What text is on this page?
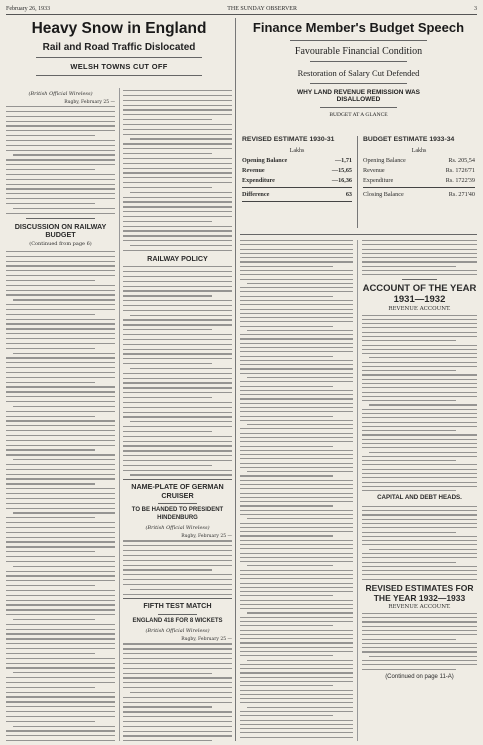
February 26, 1933	THE SUNDAY OBSERVER	3
Heavy Snow in England
Rail and Road Traffic Dislocated
WELSH TOWNS CUT OFF
(British Official Wireless)
Rugby, February 25 —
DISCUSSION ON RAILWAY BUDGET
(Continued from page 6)
RAILWAY POLICY
NAME-PLATE OF GERMAN CRUISER
TO BE HANDED TO PRESIDENT HINDENBURG
(British Official Wireless)
Rugby, February 25 —
FIFTH TEST MATCH
ENGLAND 418 FOR 8 WICKETS
(British Official Wireless)
Rugby, February 25 —
Finance Member's Budget Speech
Favourable Financial Condition
Restoration of Salary Cut Defended
WHY LAND REVENUE REMISSION WAS DISALLOWED
BUDGET AT A GLANCE
REVISED ESTIMATE 1930-31
Lakhs
Opening Balance	—1,71
Revenue	—15,65
Expenditure	—16,36
Difference	63
BUDGET ESTIMATE 1933-34
Lakhs
Opening Balance	Rs. 205,54
Revenue	Rs. 1726'71
Expenditure	Rs. 1722'39
Closing Balance	Rs. 271'40
ACCOUNT OF THE YEAR 1931—1932
REVENUE ACCOUNT.
CAPITAL AND DEBT HEADS.
REVISED ESTIMATES FOR THE YEAR 1932—1933
REVENUE ACCOUNT.
(Continued on page 11-A)
